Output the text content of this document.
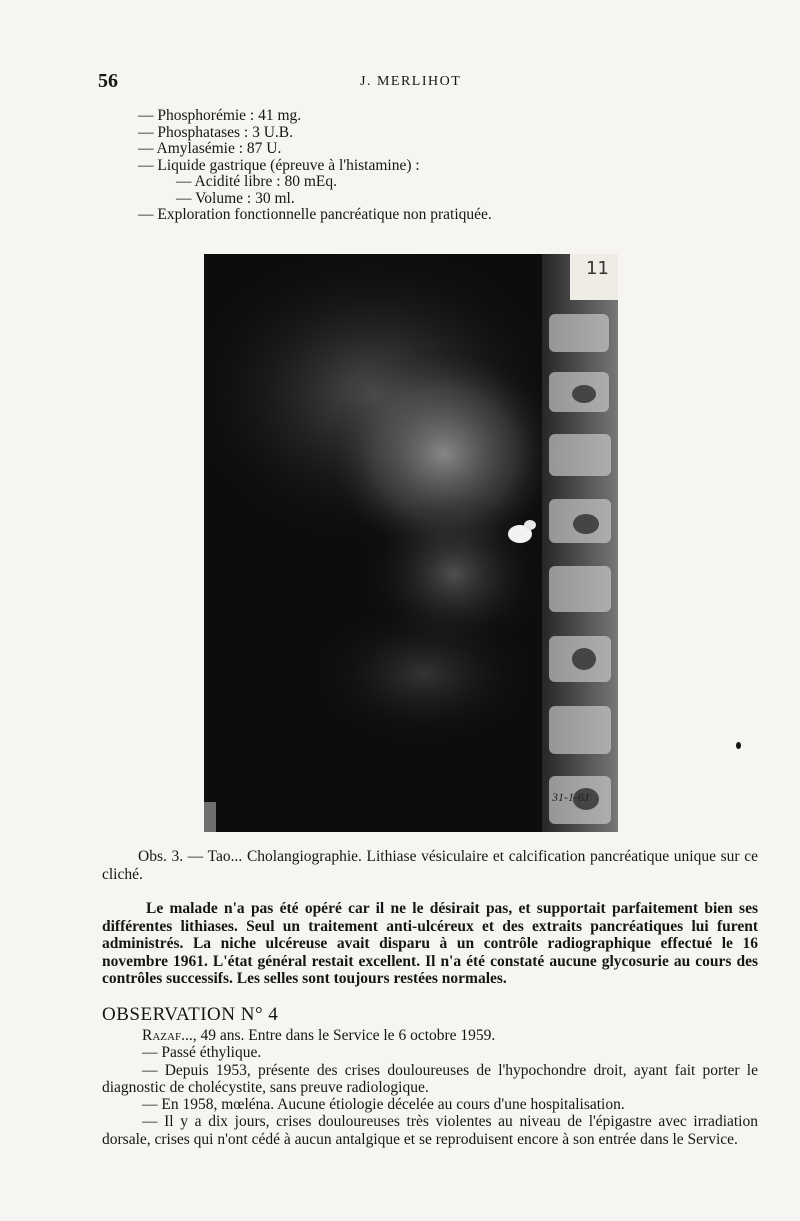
56	J. MERLIHOT
— Phosphorémie : 41 mg.
— Phosphatases : 3 U.B.
— Amylasémie : 87 U.
— Liquide gastrique (épreuve à l'histamine) :
— Acidité libre : 80 mEq.
— Volume : 30 ml.
— Exploration fonctionnelle pancréatique non pratiquée.
11
31-1-61
Obs. 3. — Tao... Cholangiographie. Lithiase vésiculaire et calcification pancréatique unique sur ce cliché.
Le malade n'a pas été opéré car il ne le désirait pas, et supportait parfaitement bien ses différentes lithiases. Seul un traitement anti-ulcéreux et des extraits pancréatiques lui furent administrés. La niche ulcéreuse avait disparu à un contrôle radiographique effectué le 16 novembre 1961. L'état général restait excellent. Il n'a été constaté aucune glycosurie au cours des contrôles successifs. Les selles sont toujours restées normales.
OBSERVATION N° 4
Razaf..., 49 ans. Entre dans le Service le 6 octobre 1959.
— Passé éthylique.
— Depuis 1953, présente des crises douloureuses de l'hypochondre droit, ayant fait porter le diagnostic de cholécystite, sans preuve radiologique.
— En 1958, mœléna. Aucune étiologie décelée au cours d'une hospitalisation.
— Il y a dix jours, crises douloureuses très violentes au niveau de l'épigastre avec irradiation dorsale, crises qui n'ont cédé à aucun antalgique et se reproduisent encore à son entrée dans le Service.
